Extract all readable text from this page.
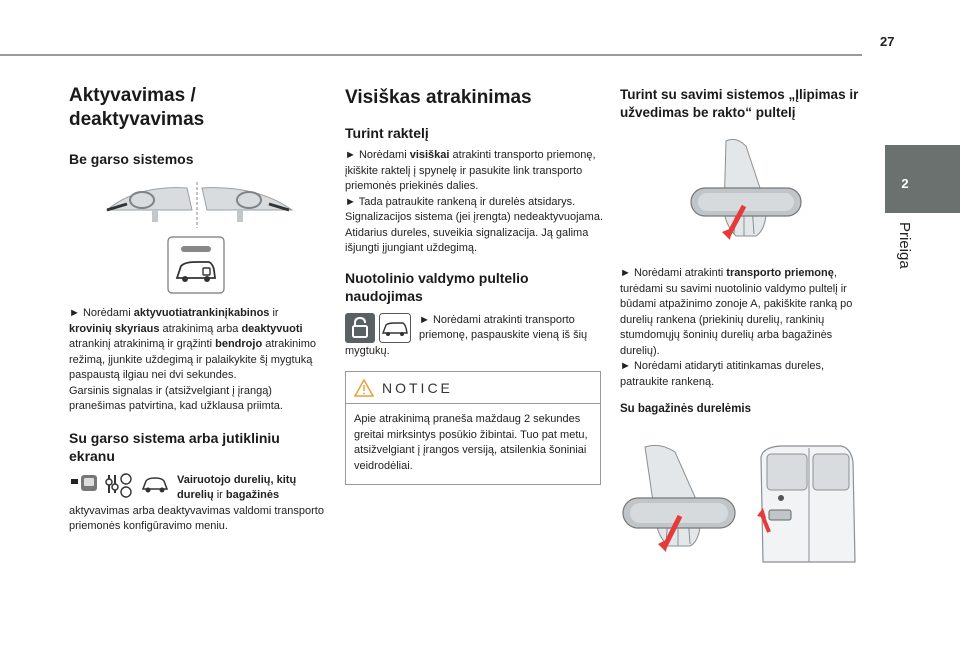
27
2
Prieiga
Aktyvavimas /
deaktyvavimas
Be garso sistemos

► Norėdami aktyvuotiatrankinįkabinos ir krovinių skyriaus atrakinimą arba deaktyvuoti atrankinį atrakinimą ir grąžinti bendrojo atrakinimo režimą, įjunkite uždegimą ir palaikykite šį mygtuką paspaustą ilgiau nei dvi sekundes.

Garsinis signalas ir (atsižvelgiant į įrangą) pranešimas patvirtina, kad užklausa priimta.

Su garso sistema arba jutikliniu ekranu

Vairuotojo durelių, kitų durelių ir bagažinės

aktyvavimas arba deaktyvavimas valdomi transporto priemonės konfigūravimo meniu.

Visiškas atrakinimas
Turint raktelį

► Norėdami visiškai atrakinti transporto priemonę, įkiškite raktelį į spynelę ir pasukite link transporto priemonės priekinės dalies.

► Tada patraukite rankeną ir durelės atsidarys.

Signalizacijos sistema (jei įrengta) nedeaktyvuojama. Atidarius dureles, suveikia signalizacija. Ją galima išjungti įjungiant uždegimą.

Nuotolinio valdymo pultelio naudojimas

► Norėdami atrakinti transporto priemonę, paspauskite vieną iš šių

mygtukų.

NOTICE

Apie atrakinimą praneša maždaug 2 sekundes greitai mirksintys posūkio žibintai. Tuo pat metu, atsižvelgiant į įrangos versiją, atsilenkia šoniniai veidrodėliai.

Turint su savimi sistemos „Įlipimas ir užvedimas be rakto“ pultelį

► Norėdami atrakinti transporto priemonę, turėdami su savimi nuotolinio valdymo pultelį ir būdami atpažinimo zonoje A, pakiškite ranką po durelių rankena (priekinių durelių, rankinių stumdomųjų šoninių durelių arba bagažinės durelių).

► Norėdami atidaryti atitinkamas dureles, patraukite rankeną.

Su bagažinės durelėmis
